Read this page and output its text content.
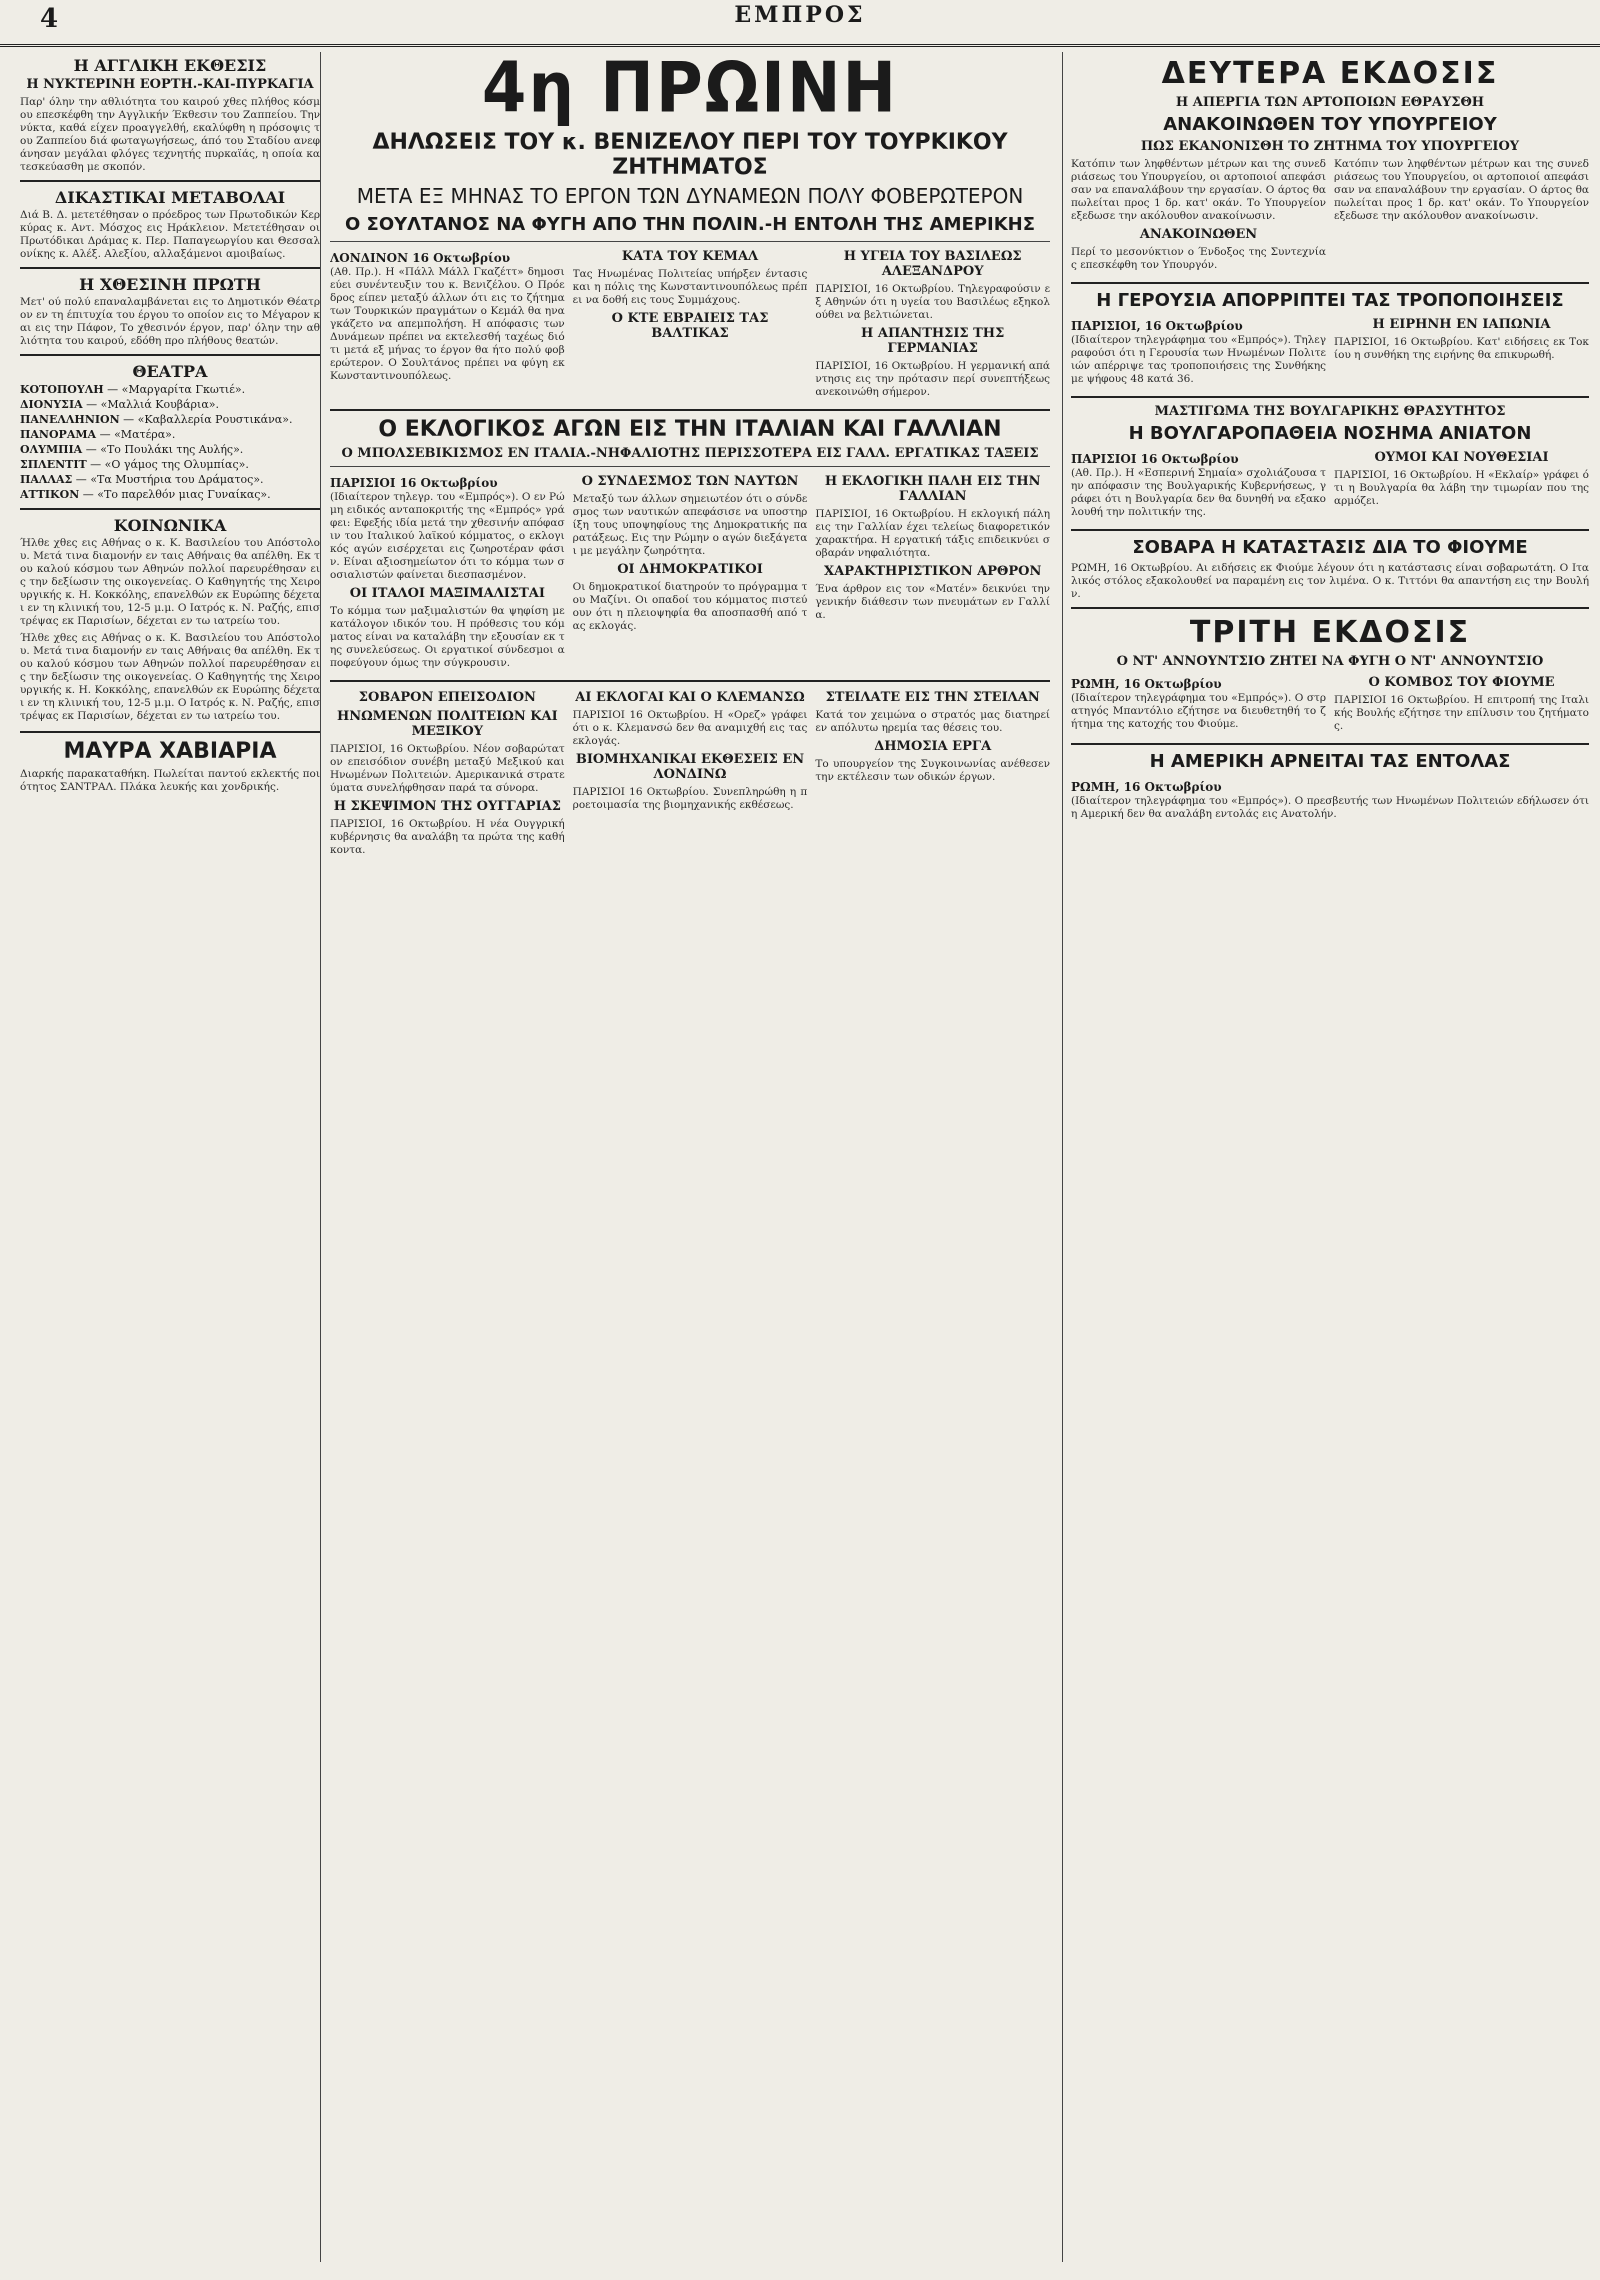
4	ΕΜΠΡΟΣ
Η ΑΓΓΛΙΚΗ ΕΚΘΕΣΙΣ
Η ΝΥΚΤΕΡΙΝΗ ΕΟΡΤΗ.-ΚΑΙ-ΠΥΡΚΑΓΙΑ

Παρ' όλην την αθλιότητα του καιρού χθες πλήθος κόσμου επεσκέφθη την Αγγλικήν Έκθεσιν του Ζαππείου. Την νύκτα, καθά είχεν προαγγελθή, εκαλύφθη η πρόσοψις του Ζαππείου διά φωταγωγήσεως, άπό του Σταδίου ανεφάνησαν μεγάλαι φλόγες τεχνητής πυρκαϊάς, η οποία κατεσκεύασθη με σκοπόν.

ΔΙΚΑΣΤΙΚΑΙ ΜΕΤΑΒΟΛΑΙ

Διά Β. Δ. μετετέθησαν ο πρόεδρος των Πρωτοδικών Κερκύρας κ. Αντ. Μόσχος εις Ηράκλειον. Μετετέθησαν οι Πρωτόδικαι Δράμας κ. Περ. Παπαγεωργίου και Θεσσαλονίκης κ. Αλέξ. Αλεξίου, αλλαξάμενοι αμοιβαίως.

Η ΧΘΕΣΙΝΗ ΠΡΩΤΗ

Μετ' ού πολύ επαναλαμβάνεται εις το Δημοτικόν Θέατρον εν τη έπιτυχία του έργου το οποίον εις το Μέγαρον και εις την Πάφον, Το χθεσινόν έργον, παρ' όλην την αθλιότητα του καιρού, εδόθη προ πλήθους θεατών.

ΘΕΑΤΡΑ
ΚΟΤΟΠΟΥΛΗ — «Μαργαρίτα Γκωτιέ».
ΔΙΟΝΥΣΙΑ — «Μαλλιά Κουβάρια».
ΠΑΝΕΛΛΗΝΙΟΝ — «Καβαλλερία Ρουστικάνα».
ΠΑΝΟΡΑΜΑ — «Ματέρα».
ΟΛΥΜΠΙΑ — «Το Πουλάκι της Αυλής».
ΣΠΛΕΝΤΙΤ — «Ο γάμος της Ολυμπίας».
ΠΑΛΛΑΣ — «Τα Μυστήρια του Δράματος».
ΑΤΤΙΚΟΝ — «Το παρελθόν μιας Γυναίκας».
ΚΟΙΝΩΝΙΚΑ

Ήλθε χθες εις Αθήνας ο κ. Κ. Βασιλείου του Απόστολου. Μετά τινα διαμονήν εν ταις Αθήναις θα απέλθη. Εκ του καλού κόσμου των Αθηνών πολλοί παρευρέθησαν εις την δεξίωσιν της οικογενείας. Ο Καθηγητής της Χειρουργικής κ. Η. Κοκκόλης, επανελθών εκ Ευρώπης δέχεται εν τη κλινική του, 12-5 μ.μ. Ο Ιατρός κ. Ν. Ραζής, επιστρέψας εκ Παρισίων, δέχεται εν τω ιατρείω του.

Ήλθε χθες εις Αθήνας ο κ. Κ. Βασιλείου του Απόστολου. Μετά τινα διαμονήν εν ταις Αθήναις θα απέλθη. Εκ του καλού κόσμου των Αθηνών πολλοί παρευρέθησαν εις την δεξίωσιν της οικογενείας. Ο Καθηγητής της Χειρουργικής κ. Η. Κοκκόλης, επανελθών εκ Ευρώπης δέχεται εν τη κλινική του, 12-5 μ.μ. Ο Ιατρός κ. Ν. Ραζής, επιστρέψας εκ Παρισίων, δέχεται εν τω ιατρείω του.

ΜΑΥΡΑ ΧΑΒΙΑΡΙΑ

Διαρκής παρακαταθήκη. Πωλείται παντού εκλεκτής ποιότητος ΣΑΝΤΡΑΛ. Πλάκα λευκής και χονδρικής.

4η ΠΡΩΙΝΗ
ΔΗΛΩΣΕΙΣ ΤΟΥ κ. ΒΕΝΙΖΕΛΟΥ ΠΕΡΙ ΤΟΥ ΤΟΥΡΚΙΚΟΥ ΖΗΤΗΜΑΤΟΣ
ΜΕΤΑ ΕΞ ΜΗΝΑΣ ΤΟ ΕΡΓΟΝ ΤΩΝ ΔΥΝΑΜΕΩΝ ΠΟΛΥ ΦΟΒΕΡΩΤΕΡΟΝ
Ο ΣΟΥΛΤΑΝΟΣ ΝΑ ΦΥΓΗ ΑΠΟ ΤΗΝ ΠΟΛΙΝ.-Η ΕΝΤΟΛΗ ΤΗΣ ΑΜΕΡΙΚΗΣ
ΛΟΝΔΙΝΟΝ 16 Οκτωβρίου

(Αθ. Πρ.). Η «Πάλλ Μάλλ Γκαζέττ» δημοσιεύει συνέντευξιν του κ. Βενιζέλου. Ο Πρόεδρος είπεν μεταξύ άλλων ότι εις το ζήτημα των Τουρκικών πραγμάτων ο Κεμάλ θα ηναγκάζετο να απεμπολήση. Η απόφασις των Δυνάμεων πρέπει να εκτελεσθή ταχέως διότι μετά εξ μήνας το έργον θα ήτο πολύ φοβερώτερον. Ο Σουλτάνος πρέπει να φύγη εκ Κωνσταντινουπόλεως.

ΚΑΤΑ ΤΟΥ ΚΕΜΑΛ

Τας Ηνωμένας Πολιτείας υπήρξεν έντασις και η πόλις της Κωνσταντινουπόλεως πρέπει να δοθή εις τους Συμμάχους.

Ο ΚΤΕ ΕΒΡΑΙΕΙΣ ΤΑΣ ΒΑΛΤΙΚΑΣ
Η ΥΓΕΙΑ ΤΟΥ ΒΑΣΙΛΕΩΣ ΑΛΕΞΑΝΔΡΟΥ

ΠΑΡΙΣΙΟΙ, 16 Οκτωβρίου. Τηλεγραφούσιν εξ Αθηνών ότι η υγεία του Βασιλέως εξηκολούθει να βελτιώνεται.

Η ΑΠΑΝΤΗΣΙΣ ΤΗΣ ΓΕΡΜΑΝΙΑΣ

ΠΑΡΙΣΙΟΙ, 16 Οκτωβρίου. Η γερμανική απάντησις εις την πρότασιν περί συνεπτήξεως ανεκοινώθη σήμερον.

Ο ΕΚΛΟΓΙΚΟΣ ΑΓΩΝ ΕΙΣ ΤΗΝ ΙΤΑΛΙΑΝ ΚΑΙ ΓΑΛΛΙΑΝ
Ο ΜΠΟΛΣΕΒΙΚΙΣΜΟΣ ΕΝ ΙΤΑΛΙΑ.-ΝΗΦΑΛΙΟΤΗΣ ΠΕΡΙΣΣΟΤΕΡΑ ΕΙΣ ΓΑΛΛ. ΕΡΓΑΤΙΚΑΣ ΤΑΞΕΙΣ
ΠΑΡΙΣΙΟΙ 16 Οκτωβρίου

(Ιδιαίτερον τηλεγρ. του «Εμπρός»). Ο εν Ρώμη ειδικός ανταποκριτής της «Εμπρός» γράφει: Εφεξής ιδία μετά την χθεσινήν απόφασιν του Ιταλικού λαϊκού κόμματος, ο εκλογικός αγών εισέρχεται εις ζωηροτέραν φάσιν. Είναι αξιοσημείωτον ότι το κόμμα των σοσιαλιστών φαίνεται διεσπασμένον.

ΟΙ ΙΤΑΛΟΙ ΜΑΞΙΜΑΛΙΣΤΑΙ

Το κόμμα των μαξιμαλιστών θα ψηφίση με κατάλογον ιδικόν του. Η πρόθεσις του κόμματος είναι να καταλάβη την εξουσίαν εκ της συνελεύσεως. Οι εργατικοί σύνδεσμοι αποφεύγουν όμως την σύγκρουσιν.

Ο ΣΥΝΔΕΣΜΟΣ ΤΩΝ ΝΑΥΤΩΝ

Μεταξύ των άλλων σημειωτέον ότι ο σύνδεσμος των ναυτικών απεφάσισε να υποστηρίξη τους υποψηφίους της Δημοκρατικής παρατάξεως. Εις την Ρώμην ο αγών διεξάγεται με μεγάλην ζωηρότητα.

ΟΙ ΔΗΜΟΚΡΑΤΙΚΟΙ

Οι δημοκρατικοί διατηρούν το πρόγραμμα του Μαζίνι. Οι οπαδοί του κόμματος πιστεύουν ότι η πλειοψηφία θα αποσπασθή από τας εκλογάς.

Η ΕΚΛΟΓΙΚΗ ΠΑΛΗ ΕΙΣ ΤΗΝ ΓΑΛΛΙΑΝ

ΠΑΡΙΣΙΟΙ, 16 Οκτωβρίου. Η εκλογική πάλη εις την Γαλλίαν έχει τελείως διαφορετικόν χαρακτήρα. Η εργατική τάξις επιδεικνύει σοβαράν νηφαλιότητα.

ΧΑΡΑΚΤΗΡΙΣΤΙΚΟΝ ΑΡΘΡΟΝ

Ένα άρθρον εις τον «Ματέν» δεικνύει την γενικήν διάθεσιν των πνευμάτων εν Γαλλία.

ΣΟΒΑΡΟΝ ΕΠΕΙΣΟΔΙΟΝ
ΗΝΩΜΕΝΩΝ ΠΟΛΙΤΕΙΩΝ ΚΑΙ ΜΕΞΙΚΟΥ

ΠΑΡΙΣΙΟΙ, 16 Οκτωβρίου. Νέον σοβαρώτατον επεισόδιον συνέβη μεταξύ Μεξικού και Ηνωμένων Πολιτειών. Αμερικανικά στρατεύματα συνελήφθησαν παρά τα σύνορα.

Η ΣΚΕΨΙΜΟΝ ΤΗΣ ΟΥΓΓΑΡΙΑΣ

ΠΑΡΙΣΙΟΙ, 16 Οκτωβρίου. Η νέα Ουγγρική κυβέρνησις θα αναλάβη τα πρώτα της καθήκοντα.

ΑΙ ΕΚΛΟΓΑΙ ΚΑΙ Ο ΚΛΕΜΑΝΣΩ

ΠΑΡΙΣΙΟΙ 16 Οκτωβρίου. Η «Ορεζ» γράφει ότι ο κ. Κλεμανσώ δεν θα αναμιχθή εις τας εκλογάς.

ΒΙΟΜΗΧΑΝΙΚΑΙ ΕΚΘΕΣΕΙΣ ΕΝ ΛΟΝΔΙΝΩ

ΠΑΡΙΣΙΟΙ 16 Οκτωβρίου. Συνεπληρώθη η προετοιμασία της βιομηχανικής εκθέσεως.

ΣΤΕΙΛΑΤΕ ΕΙΣ ΤΗΝ ΣΤΕΙΛΑΝ

Κατά τον χειμώνα ο στρατός μας διατηρεί εν απόλυτω ηρεμία τας θέσεις του.

ΔΗΜΟΣΙΑ ΕΡΓΑ

Το υπουργείον της Συγκοινωνίας ανέθεσεν την εκτέλεσιν των οδικών έργων.

ΔΕΥΤΕΡΑ ΕΚΔΟΣΙΣ
Η ΑΠΕΡΓΙΑ ΤΩΝ ΑΡΤΟΠΟΙΩΝ ΕΘΡΑΥΣΘΗ
ΑΝΑΚΟΙΝΩΘΕΝ ΤΟΥ ΥΠΟΥΡΓΕΙΟΥ
ΠΩΣ ΕΚΑΝΟΝΙΣΘΗ ΤΟ ΖΗΤΗΜΑ ΤΟΥ ΥΠΟΥΡΓΕΙΟΥ

Κατόπιν των ληφθέντων μέτρων και της συνεδριάσεως του Υπουργείου, οι αρτοποιοί απεφάσισαν να επαναλάβουν την εργασίαν. Ο άρτος θα πωλείται προς 1 δρ. κατ' οκάν. Το Υπουργείον εξεδωσε την ακόλουθον ανακοίνωσιν.

ΑΝΑΚΟΙΝΩΘΕΝ

Περί το μεσονύκτιον ο Ένδοξος της Συντεχνίας επεσκέφθη τον Υπουργόν.

Κατόπιν των ληφθέντων μέτρων και της συνεδριάσεως του Υπουργείου, οι αρτοποιοί απεφάσισαν να επαναλάβουν την εργασίαν. Ο άρτος θα πωλείται προς 1 δρ. κατ' οκάν. Το Υπουργείον εξεδωσε την ακόλουθον ανακοίνωσιν.

Η ΓΕΡΟΥΣΙΑ ΑΠΟΡΡΙΠΤΕΙ ΤΑΣ ΤΡΟΠΟΠΟΙΗΣΕΙΣ
ΠΑΡΙΣΙΟΙ, 16 Οκτωβρίου

(Ιδιαίτερον τηλεγράφημα του «Εμπρός»). Τηλεγραφούσι ότι η Γερουσία των Ηνωμένων Πολιτειών απέρριψε τας τροποποιήσεις της Συνθήκης με ψήφους 48 κατά 36.

Η ΕΙΡΗΝΗ ΕΝ ΙΑΠΩΝΙΑ

ΠΑΡΙΣΙΟΙ, 16 Οκτωβρίου. Κατ' ειδήσεις εκ Τοκίου η συνθήκη της ειρήνης θα επικυρωθή.

ΜΑΣΤΙΓΩΜΑ ΤΗΣ ΒΟΥΛΓΑΡΙΚΗΣ ΘΡΑΣΥΤΗΤΟΣ
Η ΒΟΥΛΓΑΡΟΠΑΘΕΙΑ ΝΟΣΗΜΑ ΑΝΙΑΤΟΝ
ΠΑΡΙΣΙΟΙ 16 Οκτωβρίου

(Αθ. Πρ.). Η «Εσπερινή Σημαία» σχολιάζουσα την απόφασιν της Βουλγαρικής Κυβερνήσεως, γράφει ότι η Βουλγαρία δεν θα δυνηθή να εξακολουθή την πολιτικήν της.

ΟΥΜΟΙ ΚΑΙ ΝΟΥΘΕΣΙΑΙ

ΠΑΡΙΣΙΟΙ, 16 Οκτωβρίου. Η «Εκλαίρ» γράφει ότι η Βουλγαρία θα λάβη την τιμωρίαν που της αρμόζει.

ΣΟΒΑΡΑ Η ΚΑΤΑΣΤΑΣΙΣ ΔΙΑ ΤΟ ΦΙΟΥΜΕ

ΡΩΜΗ, 16 Οκτωβρίου. Αι ειδήσεις εκ Φιούμε λέγουν ότι η κατάστασις είναι σοβαρωτάτη. Ο Ιταλικός στόλος εξακολουθεί να παραμένη εις τον λιμένα. Ο κ. Τιττόνι θα απαντήση εις την Βουλήν.

ΤΡΙΤΗ ΕΚΔΟΣΙΣ
Ο ΝΤ' ΑΝΝΟΥΝΤΣΙΟ ΖΗΤΕΙ ΝΑ ΦΥΓΗ Ο ΝΤ' ΑΝΝΟΥΝΤΣΙΟ
ΡΩΜΗ, 16 Οκτωβρίου

(Ιδιαίτερον τηλεγράφημα του «Εμπρός»). Ο στρατηγός Μπαντόλιο εζήτησε να διευθετηθή το ζήτημα της κατοχής του Φιούμε.

Ο ΚΟΜΒΟΣ ΤΟΥ ΦΙΟΥΜΕ

ΠΑΡΙΣΙΟΙ 16 Οκτωβρίου. Η επιτροπή της Ιταλικής Βουλής εζήτησε την επίλυσιν του ζητήματος.

Η ΑΜΕΡΙΚΗ ΑΡΝΕΙΤΑΙ ΤΑΣ ΕΝΤΟΛΑΣ
ΡΩΜΗ, 16 Οκτωβρίου

(Ιδιαίτερον τηλεγράφημα του «Εμπρός»). Ο πρεσβευτής των Ηνωμένων Πολιτειών εδήλωσεν ότι η Αμερική δεν θα αναλάβη εντολάς εις Ανατολήν.
